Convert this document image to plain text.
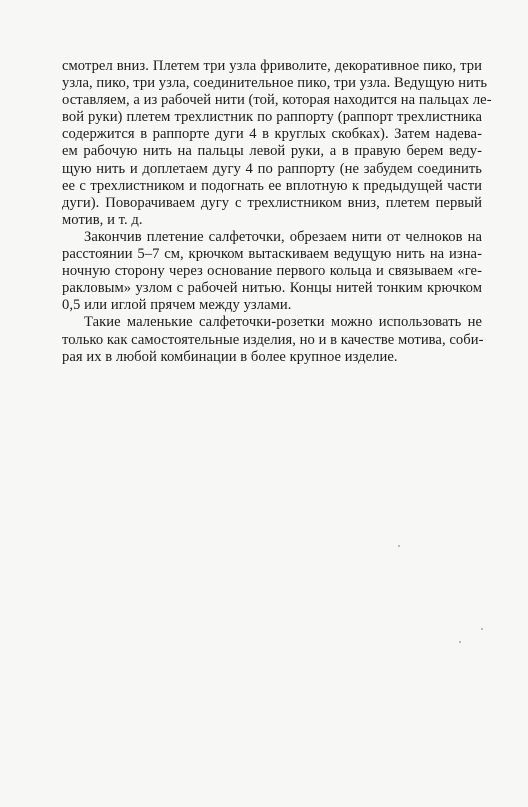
смотрел вниз. Плетем три узла фриволите, декоративное пико, три
узла, пико, три узла, соединительное пико, три узла. Ведущую нить
оставляем, а из рабочей нити (той, которая находится на пальцах ле-
вой руки) плетем трехлистник по раппорту (раппорт трехлистника
содержится в раппорте дуги 4 в круглых скобках). Затем надева-
ем рабочую нить на пальцы левой руки, а в правую берем веду-
щую нить и доплетаем дугу 4 по раппорту (не забудем соединить
ее с трехлистником и подогнать ее вплотную к предыдущей части
дуги). Поворачиваем дугу с трехлистником вниз, плетем первый
мотив, и т. д.
Закончив плетение салфеточки, обрезаем нити от челноков на
расстоянии 5–7 см, крючком вытаскиваем ведущую нить на изна-
ночную сторону через основание первого кольца и связываем «ге-
ракловым» узлом с рабочей нитью. Концы нитей тонким крючком
0,5 или иглой прячем между узлами.
Такие маленькие салфеточки-розетки можно использовать не
только как самостоятельные изделия, но и в качестве мотива, соби-
рая их в любой комбинации в более крупное изделие.
